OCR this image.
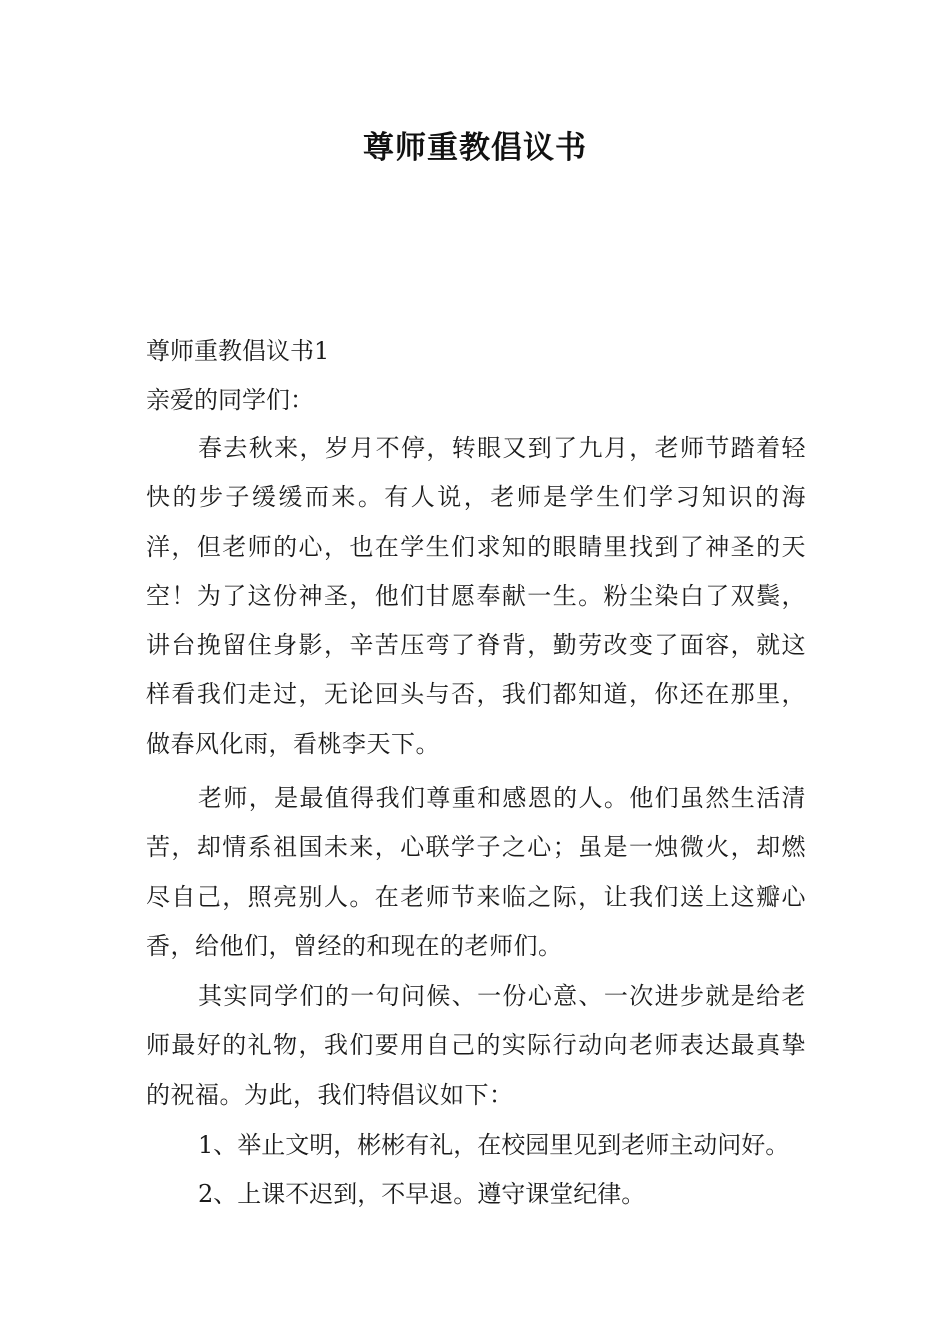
尊师重教倡议书
尊师重教倡议书1
亲爱的同学们：

春去秋来，岁月不停，转眼又到了九月，老师节踏着轻快的步子缓缓而来。有人说，老师是学生们学习知识的海洋，但老师的心，也在学生们求知的眼睛里找到了神圣的天空！为了这份神圣，他们甘愿奉献一生。粉尘染白了双鬓，讲台挽留住身影，辛苦压弯了脊背，勤劳改变了面容，就这样看我们走过，无论回头与否，我们都知道，你还在那里，做春风化雨，看桃李天下。

老师，是最值得我们尊重和感恩的人。他们虽然生活清苦，却情系祖国未来，心联学子之心；虽是一烛微火，却燃尽自己，照亮别人。在老师节来临之际，让我们送上这瓣心香，给他们，曾经的和现在的老师们。

其实同学们的一句问候、一份心意、一次进步就是给老师最好的礼物，我们要用自己的实际行动向老师表达最真挚的祝福。为此，我们特倡议如下：

1、举止文明，彬彬有礼，在校园里见到老师主动问好。
2、上课不迟到，不早退。遵守课堂纪律。
